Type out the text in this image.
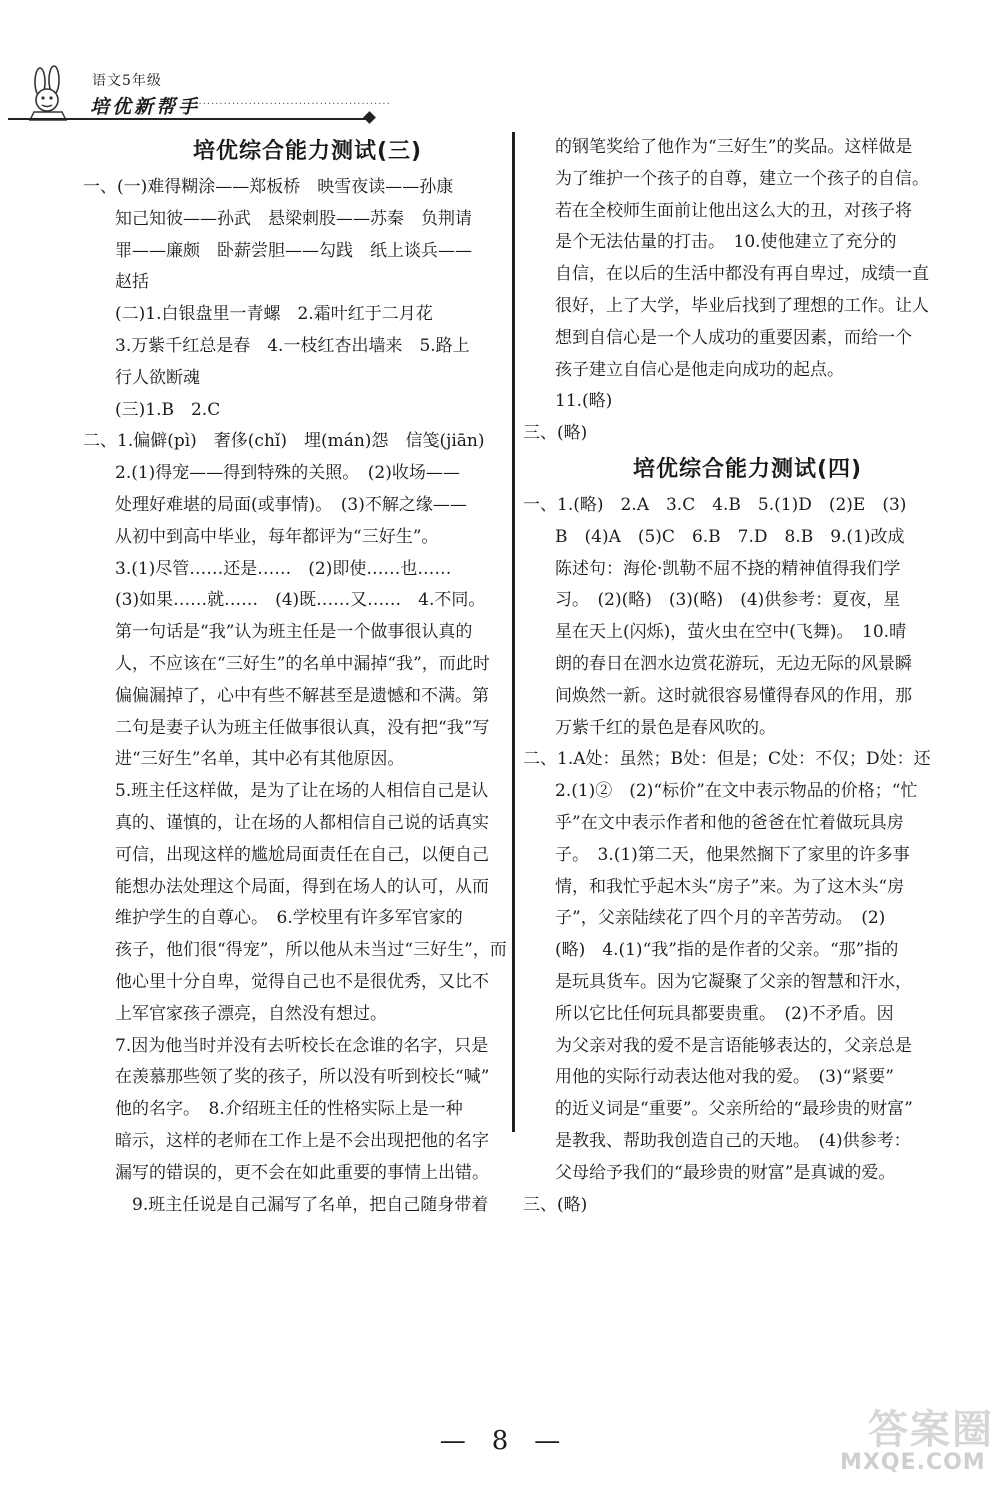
语文5年级
培优新帮手
·················································
培优综合能力测试(三)
一、(一)难得糊涂——郑板桥　映雪夜读——孙康
知己知彼——孙武　悬梁刺股——苏秦　负荆请
罪——廉颇　卧薪尝胆——勾践　纸上谈兵——
赵括
(二)1.白银盘里一青螺　2.霜叶红于二月花
3.万紫千红总是春　4.一枝红杏出墙来　5.路上
行人欲断魂
(三)1.B　2.C
二、1.偏僻(pì)　奢侈(chǐ)　埋(mán)怨　信笺(jiān)
2.(1)得宠——得到特殊的关照。　(2)收场——
处理好难堪的局面(或事情)。　(3)不解之缘——
从初中到高中毕业，每年都评为“三好生”。
3.(1)尽管……还是……　(2)即使……也……
(3)如果……就……　(4)既……又……　4.不同。
第一句话是“我”认为班主任是一个做事很认真的
人，不应该在“三好生”的名单中漏掉“我”，而此时
偏偏漏掉了，心中有些不解甚至是遗憾和不满。第
二句是妻子认为班主任做事很认真，没有把“我”写
进“三好生”名单，其中必有其他原因。
5.班主任这样做，是为了让在场的人相信自己是认
真的、谨慎的，让在场的人都相信自己说的话真实
可信，出现这样的尴尬局面责任在自己，以便自己
能想办法处理这个局面，得到在场人的认可，从而
维护学生的自尊心。　6.学校里有许多军官家的
孩子，他们很“得宠”，所以他从未当过“三好生”，而
他心里十分自卑，觉得自己也不是很优秀，又比不
上军官家孩子漂亮，自然没有想过。
7.因为他当时并没有去听校长在念谁的名字，只是
在羡慕那些领了奖的孩子，所以没有听到校长“喊”
他的名字。　8.介绍班主任的性格实际上是一种
暗示，这样的老师在工作上是不会出现把他的名字
漏写的错误的，更不会在如此重要的事情上出错。
　9.班主任说是自己漏写了名单，把自己随身带着
的钢笔奖给了他作为“三好生”的奖品。这样做是
为了维护一个孩子的自尊，建立一个孩子的自信。
若在全校师生面前让他出这么大的丑，对孩子将
是个无法估量的打击。　10.使他建立了充分的
自信，在以后的生活中都没有再自卑过，成绩一直
很好，上了大学，毕业后找到了理想的工作。让人
想到自信心是一个人成功的重要因素，而给一个
孩子建立自信心是他走向成功的起点。
11.(略)
三、(略)
培优综合能力测试(四)
一、1.(略)　2.A　3.C　4.B　5.(1)D　(2)E　(3)
B　(4)A　(5)C　6.B　7.D　8.B　9.(1)改成
陈述句：海伦·凯勒不屈不挠的精神值得我们学
习。　(2)(略)　(3)(略)　(4)供参考：夏夜，星
星在天上(闪烁)，萤火虫在空中(飞舞)。　10.晴
朗的春日在泗水边赏花游玩，无边无际的风景瞬
间焕然一新。这时就很容易懂得春风的作用，那
万紫千红的景色是春风吹的。
二、1.A处：虽然；B处：但是；C处：不仅；D处：还
2.(1)②　(2)“标价”在文中表示物品的价格；“忙
乎”在文中表示作者和他的爸爸在忙着做玩具房
子。　3.(1)第二天，他果然搁下了家里的许多事
情，和我忙乎起木头“房子”来。为了这木头“房
子”，父亲陆续花了四个月的辛苦劳动。　(2)
(略)　4.(1)“我”指的是作者的父亲。“那”指的
是玩具货车。因为它凝聚了父亲的智慧和汗水，
所以它比任何玩具都要贵重。　(2)不矛盾。因
为父亲对我的爱不是言语能够表达的，父亲总是
用他的实际行动表达他对我的爱。　(3)“紧要”
的近义词是“重要”。父亲所给的“最珍贵的财富”
是教我、帮助我创造自己的天地。　(4)供参考：
父母给予我们的“最珍贵的财富”是真诚的爱。
三、(略)
答案圈
MXQE.COM
—　8　—
